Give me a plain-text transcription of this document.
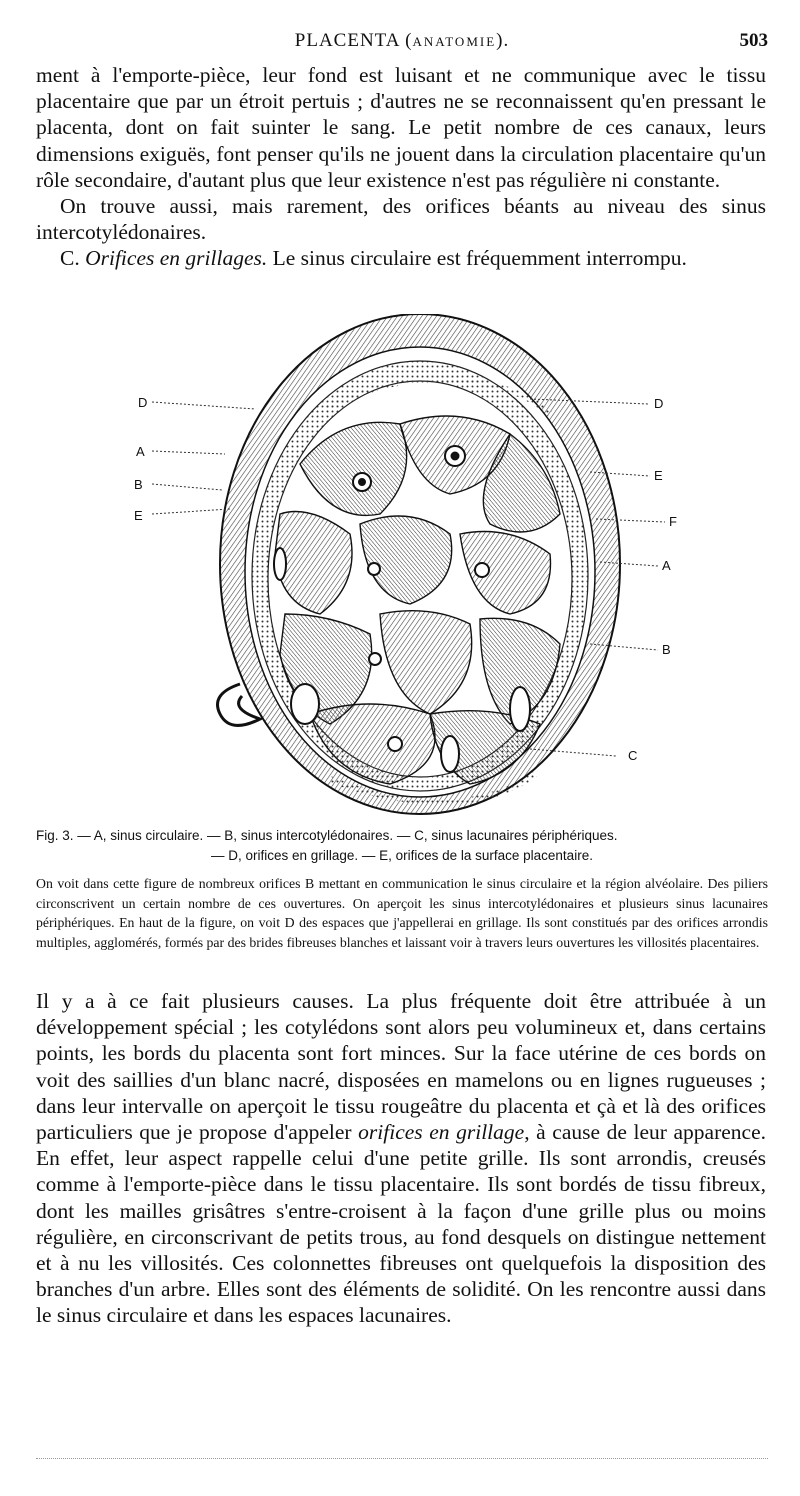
PLACENTA (ANATOMIE).	503

ment à l'emporte-pièce, leur fond est luisant et ne communique avec le tissu placentaire que par un étroit pertuis ; d'autres ne se reconnaissent qu'en pressant le placenta, dont on fait suinter le sang. Le petit nombre de ces canaux, leurs dimensions exiguës, font penser qu'ils ne jouent dans la circulation placentaire qu'un rôle secondaire, d'autant plus que leur existence n'est pas régulière ni constante.

On trouve aussi, mais rarement, des orifices béants au niveau des sinus intercotylédonaires.

C. Orifices en grillages. Le sinus circulaire est fréquemment interrompu.

D
A
B
E
D
E
F
A
B
C
Fig. 3. — A, sinus circulaire. — B, sinus intercotylédonaires. — C, sinus lacunaires périphériques.
— D, orifices en grillage. — E, orifices de la surface placentaire.

On voit dans cette figure de nombreux orifices B mettant en communication le sinus circulaire et la région alvéolaire. Des piliers circonscrivent un certain nombre de ces ouvertures. On aperçoit les sinus intercotylédonaires et plusieurs sinus lacunaires périphériques. En haut de la figure, on voit D des espaces que j'appellerai en grillage. Ils sont constitués par des orifices arrondis multiples, agglomérés, formés par des brides fibreuses blanches et laissant voir à travers leurs ouvertures les villosités placentaires.

Il y a à ce fait plusieurs causes. La plus fréquente doit être attribuée à un développement spécial ; les cotylédons sont alors peu volumineux et, dans certains points, les bords du placenta sont fort minces. Sur la face utérine de ces bords on voit des saillies d'un blanc nacré, disposées en mamelons ou en lignes rugueuses ; dans leur intervalle on aperçoit le tissu rougeâtre du placenta et çà et là des orifices particuliers que je propose d'appeler orifices en grillage, à cause de leur apparence. En effet, leur aspect rappelle celui d'une petite grille. Ils sont arrondis, creusés comme à l'emporte-pièce dans le tissu placentaire. Ils sont bordés de tissu fibreux, dont les mailles grisâtres s'entre-croisent à la façon d'une grille plus ou moins régulière, en circonscrivant de petits trous, au fond desquels on distingue nettement et à nu les villosités. Ces colonnettes fibreuses ont quelquefois la disposition des branches d'un arbre. Elles sont des éléments de solidité. On les rencontre aussi dans le sinus circulaire et dans les espaces lacunaires.
